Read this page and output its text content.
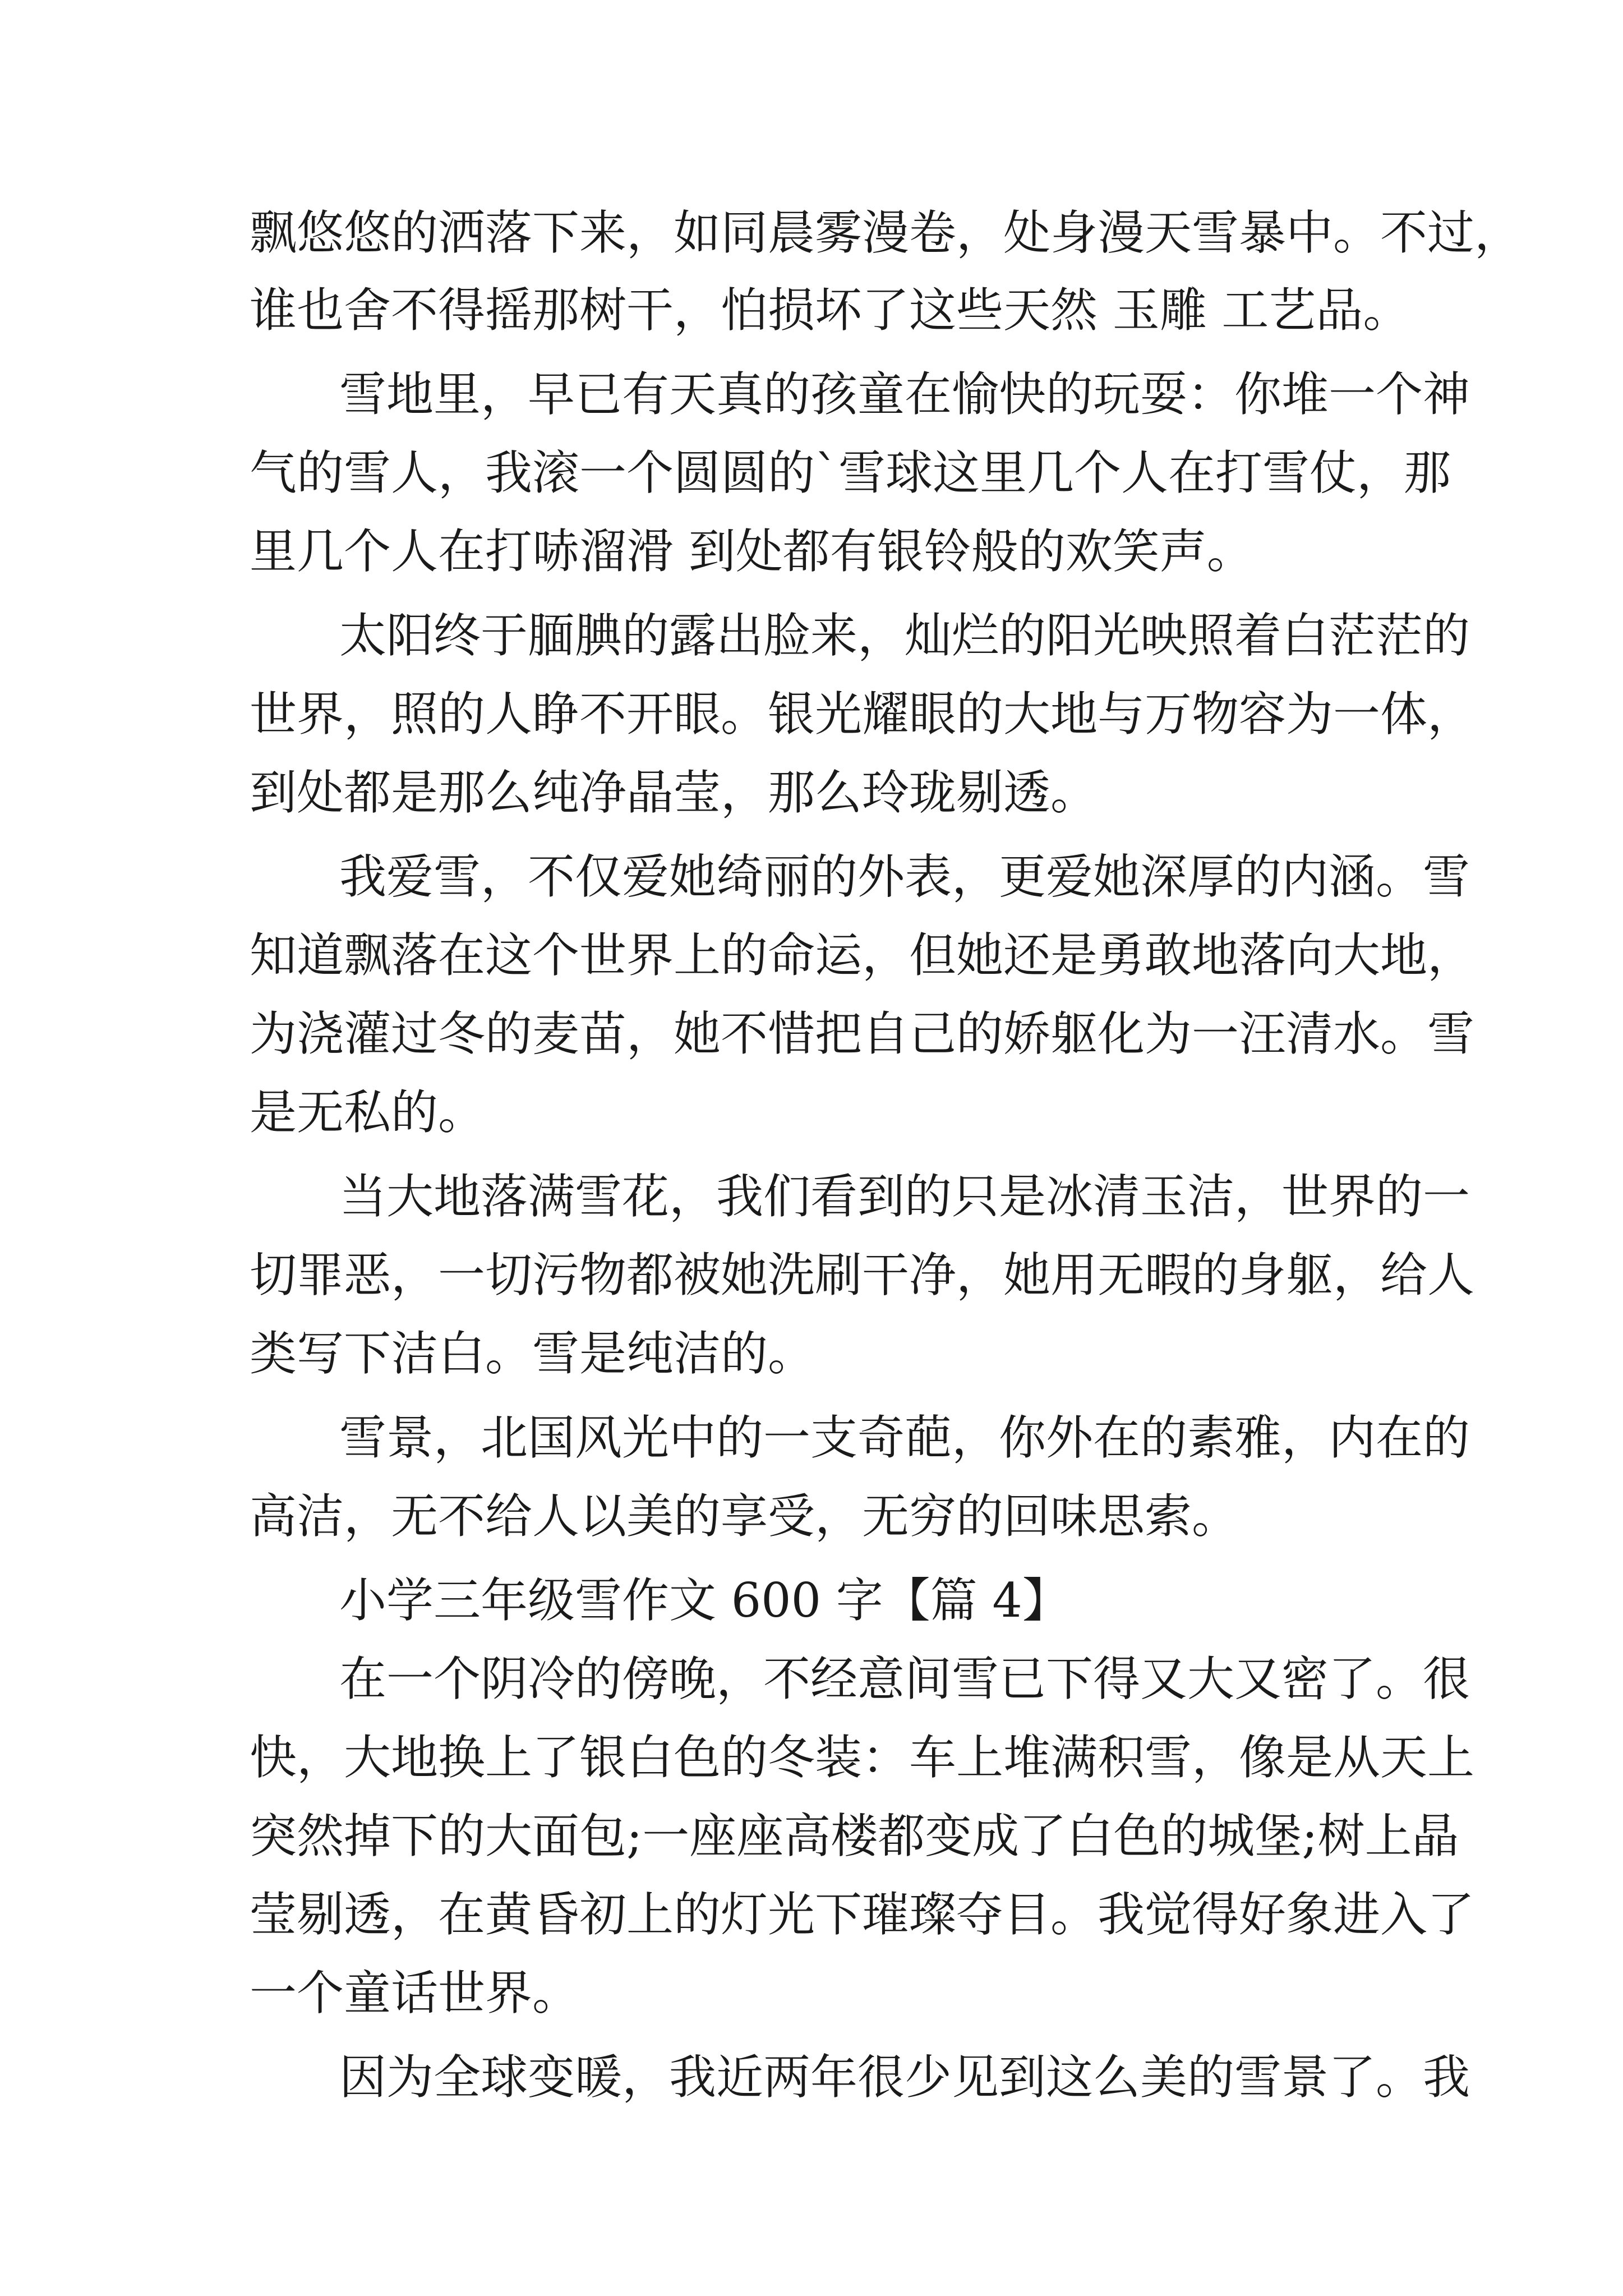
飘悠悠的洒落下来，如同晨雾漫卷，处身漫天雪暴中。不过，
谁也舍不得摇那树干，怕损坏了这些天然 玉雕 工艺品。
雪地里，早已有天真的孩童在愉快的玩耍：你堆一个神
气的雪人，我滚一个圆圆的`雪球这里几个人在打雪仗，那
里几个人在打哧溜滑 到处都有银铃般的欢笑声。
太阳终于腼腆的露出脸来，灿烂的阳光映照着白茫茫的
世界，照的人睁不开眼。银光耀眼的大地与万物容为一体，
到处都是那么纯净晶莹，那么玲珑剔透。
我爱雪，不仅爱她绮丽的外表，更爱她深厚的内涵。雪
知道飘落在这个世界上的命运，但她还是勇敢地落向大地，
为浇灌过冬的麦苗，她不惜把自己的娇躯化为一汪清水。雪
是无私的。
当大地落满雪花，我们看到的只是冰清玉洁，世界的一
切罪恶，一切污物都被她洗刷干净，她用无暇的身躯，给人
类写下洁白。雪是纯洁的。
雪景，北国风光中的一支奇葩，你外在的素雅，内在的
高洁，无不给人以美的享受，无穷的回味思索。
小学三年级雪作文 600 字【篇 4】
在一个阴冷的傍晚，不经意间雪已下得又大又密了。很
快，大地换上了银白色的冬装：车上堆满积雪，像是从天上
突然掉下的大面包;一座座高楼都变成了白色的城堡;树上晶
莹剔透，在黄昏初上的灯光下璀璨夺目。我觉得好象进入了
一个童话世界。
因为全球变暖，我近两年很少见到这么美的雪景了。我
